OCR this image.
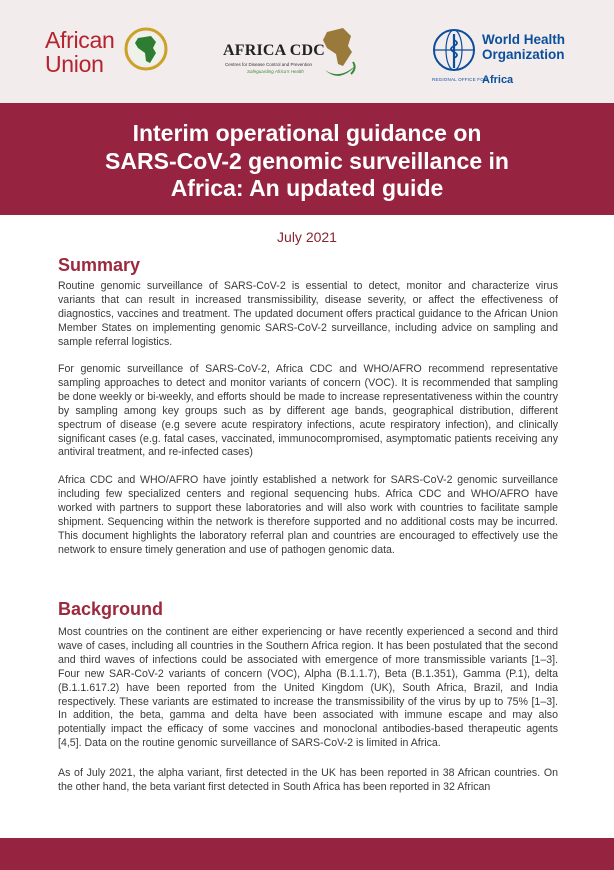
African
Union
AFRICA CDC
Centres for Disease Control and Prevention
Safeguarding Africa's Health
World Health
Organization
REGIONAL OFFICE FOR
Africa
Interim operational guidance on
SARS-CoV-2 genomic surveillance in
Africa: An updated guide
July 2021
Summary

Routine genomic surveillance of SARS-CoV-2 is essential to detect, monitor and characterize virus variants that can result in increased transmissibility, disease severity, or affect the effectiveness of diagnostics, vaccines and treatment. The updated document offers practical guidance to the African Union Member States on implementing genomic SARS-CoV-2 surveillance, including advice on sampling and sample referral logistics.

For genomic surveillance of SARS-CoV-2, Africa CDC and WHO/AFRO recommend representative sampling approaches to detect and monitor variants of concern (VOC). It is recommended that sampling be done weekly or bi-weekly, and efforts should be made to increase representativeness within the country by sampling among key groups such as by different age bands, geographical distribution, different spectrum of disease (e.g severe acute respiratory infections, acute respiratory infection), and clinically significant cases (e.g. fatal cases, vaccinated, immunocompromised, asymptomatic patients receiving any antiviral treatment, and re-infected cases)

Africa CDC and WHO/AFRO have jointly established a network for SARS-CoV-2 genomic surveillance including few specialized centers and regional sequencing hubs. Africa CDC and WHO/AFRO have worked with partners to support these laboratories and will also work with countries to facilitate sample shipment. Sequencing within the network is therefore supported and no additional costs may be incurred. This document highlights the laboratory referral plan and countries are encouraged to effectively use the network to ensure timely generation and use of pathogen genomic data.

Background

Most countries on the continent are either experiencing or have recently experienced a second and third wave of cases, including all countries in the Southern Africa region. It has been postulated that the second and third waves of infections could be associated with emergence of more transmissible variants [1–3]. Four new SAR-CoV-2 variants of concern (VOC), Alpha (B.1.1.7), Beta (B.1.351), Gamma (P.1), delta (B.1.1.617.2) have been reported from the United Kingdom (UK), South Africa, Brazil, and India respectively. These variants are estimated to increase the transmissibility of the virus by up to 75% [1–3]. In addition, the beta, gamma and delta have been associated with immune escape and may also potentially impact the efficacy of some vaccines and monoclonal antibodies-based therapeutic agents [4,5]. Data on the routine genomic surveillance of SARS-CoV-2 is limited in Africa.

As of July 2021, the alpha variant, first detected in the UK has been reported in 38 African countries. On the other hand, the beta variant first detected in South Africa has been reported in 32 African
